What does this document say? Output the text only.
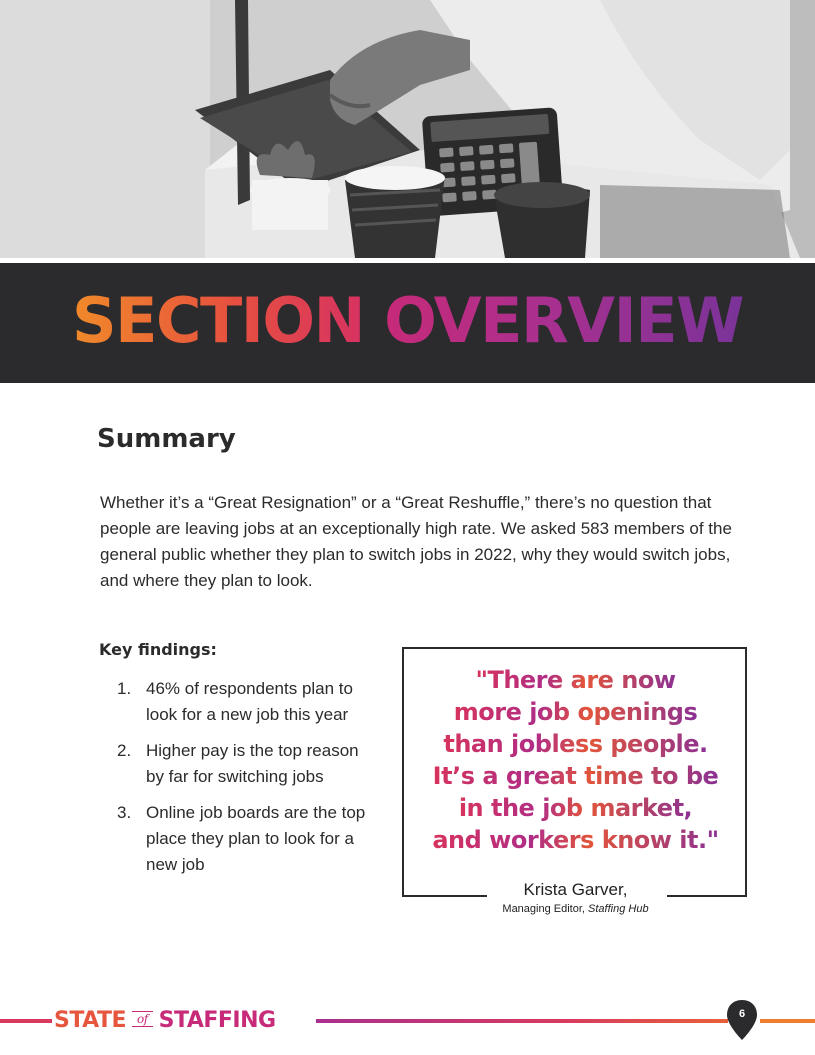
SECTION OVERVIEW
Summary
Whether it’s a “Great Resignation” or a “Great Reshuffle,” there’s no question that people are leaving jobs at an exceptionally high rate. We asked 583 members of the general public whether they plan to switch jobs in 2022, why they would switch jobs, and where they plan to look.
Key findings:
1. 46% of respondents plan to look for a new job this year
2. Higher pay is the top reason by far for switching jobs
3. Online job boards are the top place they plan to look for a new job
"There are now
more job openings
than jobless people.
It’s a great time to be
in the job market,
and workers know it."
Krista Garver,
Managing Editor, Staffing Hub
STATE of STAFFING	6
